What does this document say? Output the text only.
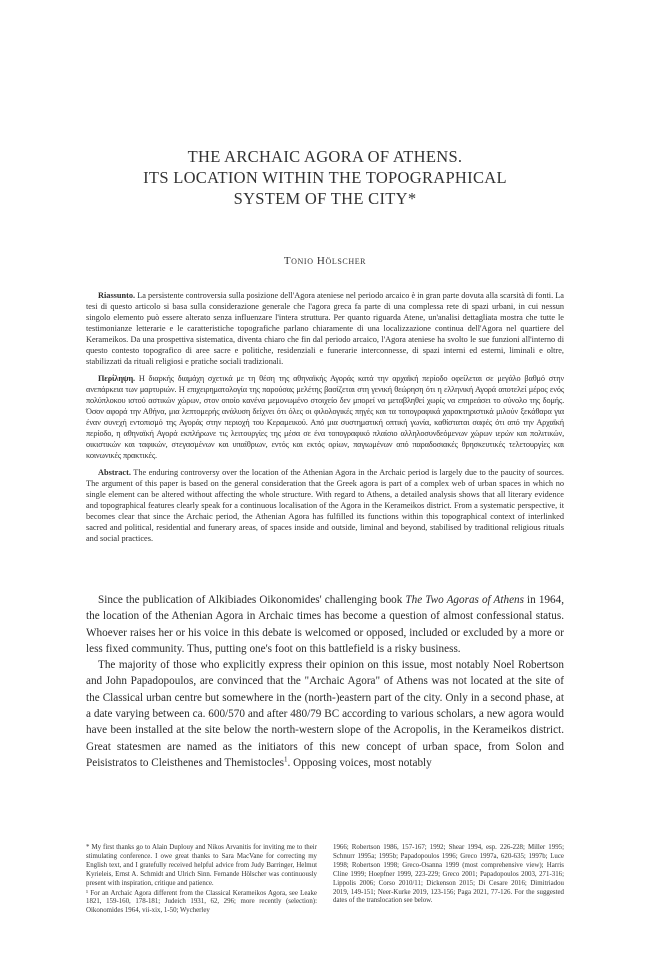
THE ARCHAIC AGORA OF ATHENS.
ITS LOCATION WITHIN THE TOPOGRAPHICAL
SYSTEM OF THE CITY*
Tonio Hölscher

Riassunto. La persistente controversia sulla posizione dell'Agora ateniese nel periodo arcaico è in gran parte dovuta alla scarsità di fonti. La tesi di questo articolo si basa sulla considerazione generale che l'agora greca fa parte di una complessa rete di spazi urbani, in cui nessun singolo elemento può essere alterato senza influenzare l'intera struttura. Per quanto riguarda Atene, un'analisi dettagliata mostra che tutte le testimonianze letterarie e le caratteristiche topografiche parlano chiaramente di una localizzazione continua dell'Agora nel quartiere del Kerameikos. Da una prospettiva sistematica, diventa chiaro che fin dal periodo arcaico, l'Agora ateniese ha svolto le sue funzioni all'interno di questo contesto topografico di aree sacre e politiche, residenziali e funerarie interconnesse, di spazi interni ed esterni, liminali e oltre, stabilizzati da rituali religiosi e pratiche sociali tradizionali.

Περίληψη. Η διαρκής διαμάχη σχετικά με τη θέση της αθηναϊκής Αγοράς κατά την αρχαϊκή περίοδο οφείλεται σε μεγάλο βαθμό στην ανεπάρκεια των μαρτυριών. Η επιχειρηματολογία της παρούσας μελέτης βασίζεται στη γενική θεώρηση ότι η ελληνική Αγορά αποτελεί μέρος ενός πολύπλοκου ιστού αστικών χώρων, στον οποίο κανένα μεμονωμένο στοιχείο δεν μπορεί να μεταβληθεί χωρίς να επηρεάσει το σύνολο της δομής. Όσον αφορά την Αθήνα, μια λεπτομερής ανάλυση δείχνει ότι όλες οι φιλολογικές πηγές και τα τοπογραφικά χαρακτηριστικά μιλούν ξεκάθαρα για έναν συνεχή εντοπισμό της Αγοράς στην περιοχή του Κεραμεικού. Από μια συστηματική οπτική γωνία, καθίσταται σαφές ότι από την Αρχαϊκή περίοδο, η αθηναϊκή Αγορά εκπλήρωνε τις λειτουργίες της μέσα σε ένα τοπογραφικό πλαίσιο αλληλοσυνδεόμενων χώρων ιερών και πολιτικών, οικιστικών και ταφικών, στεγασμένων και υπαίθριων, εντός και εκτός ορίων, παγιωμένων από παραδοσιακές θρησκευτικές τελετουργίες και κοινωνικές πρακτικές.

Abstract. The enduring controversy over the location of the Athenian Agora in the Archaic period is largely due to the paucity of sources. The argument of this paper is based on the general consideration that the Greek agora is part of a complex web of urban spaces in which no single element can be altered without affecting the whole structure. With regard to Athens, a detailed analysis shows that all literary evidence and topographical features clearly speak for a continuous localisation of the Agora in the Kerameikos district. From a systematic perspective, it becomes clear that since the Archaic period, the Athenian Agora has fulfilled its functions within this topographical context of interlinked sacred and political, residential and funerary areas, of spaces inside and outside, liminal and beyond, stabilised by traditional religious rituals and social practices.

Since the publication of Alkibiades Oikonomides' challenging book The Two Agoras of Athens in 1964, the location of the Athenian Agora in Archaic times has become a question of almost confessional status. Whoever raises her or his voice in this debate is welcomed or opposed, included or excluded by a more or less fixed community. Thus, putting one's foot on this battlefield is a risky business.

The majority of those who explicitly express their opinion on this issue, most notably Noel Robertson and John Papadopoulos, are convinced that the "Archaic Agora" of Athens was not located at the site of the Classical urban centre but somewhere in the (north-)eastern part of the city. Only in a second phase, at a date varying between ca. 600/570 and after 480/79 BC according to various scholars, a new agora would have been installed at the site below the north-western slope of the Acropolis, in the Kerameikos district. Great statesmen are named as the initiators of this new concept of urban space, from Solon and Peisistratos to Cleisthenes and Themistocles$^1$. Opposing voices, most notably

* My first thanks go to Alain Duplouy and Nikos Arvanitis for inviting me to their stimulating conference. I owe great thanks to Sara MacVane for correcting my English text, and I gratefully received helpful advice from Judy Barringer, Helmut Kyrieleis, Ernst A. Schmidt and Ulrich Sinn. Fernande Hölscher was continuously present with inspiration, critique and patience.

¹ For an Archaic Agora different from the Classical Kerameikos Agora, see Leake 1821, 159-160, 178-181; Judeich 1931, 62, 296; more recently (selection): Oikonomides 1964, vii-xix, 1-50; Wycherley

1966; Robertson 1986, 157-167; 1992; Shear 1994, esp. 226-228; Miller 1995; Schnurr 1995a; 1995b; Papadopoulos 1996; Greco 1997a, 620-635; 1997b; Luce 1998; Robertson 1998; Greco-Osanna 1999 (most comprehensive view); Harris Cline 1999; Hoepfner 1999, 223-229; Greco 2001; Papadopoulos 2003, 271-316; Lippolis 2006; Corso 2010/11; Dickenson 2015; Di Cesare 2016; Dimitriadou 2019, 149-151; Neer-Kurke 2019, 123-156; Paga 2021, 77-126. For the suggested dates of the translocation see below.
